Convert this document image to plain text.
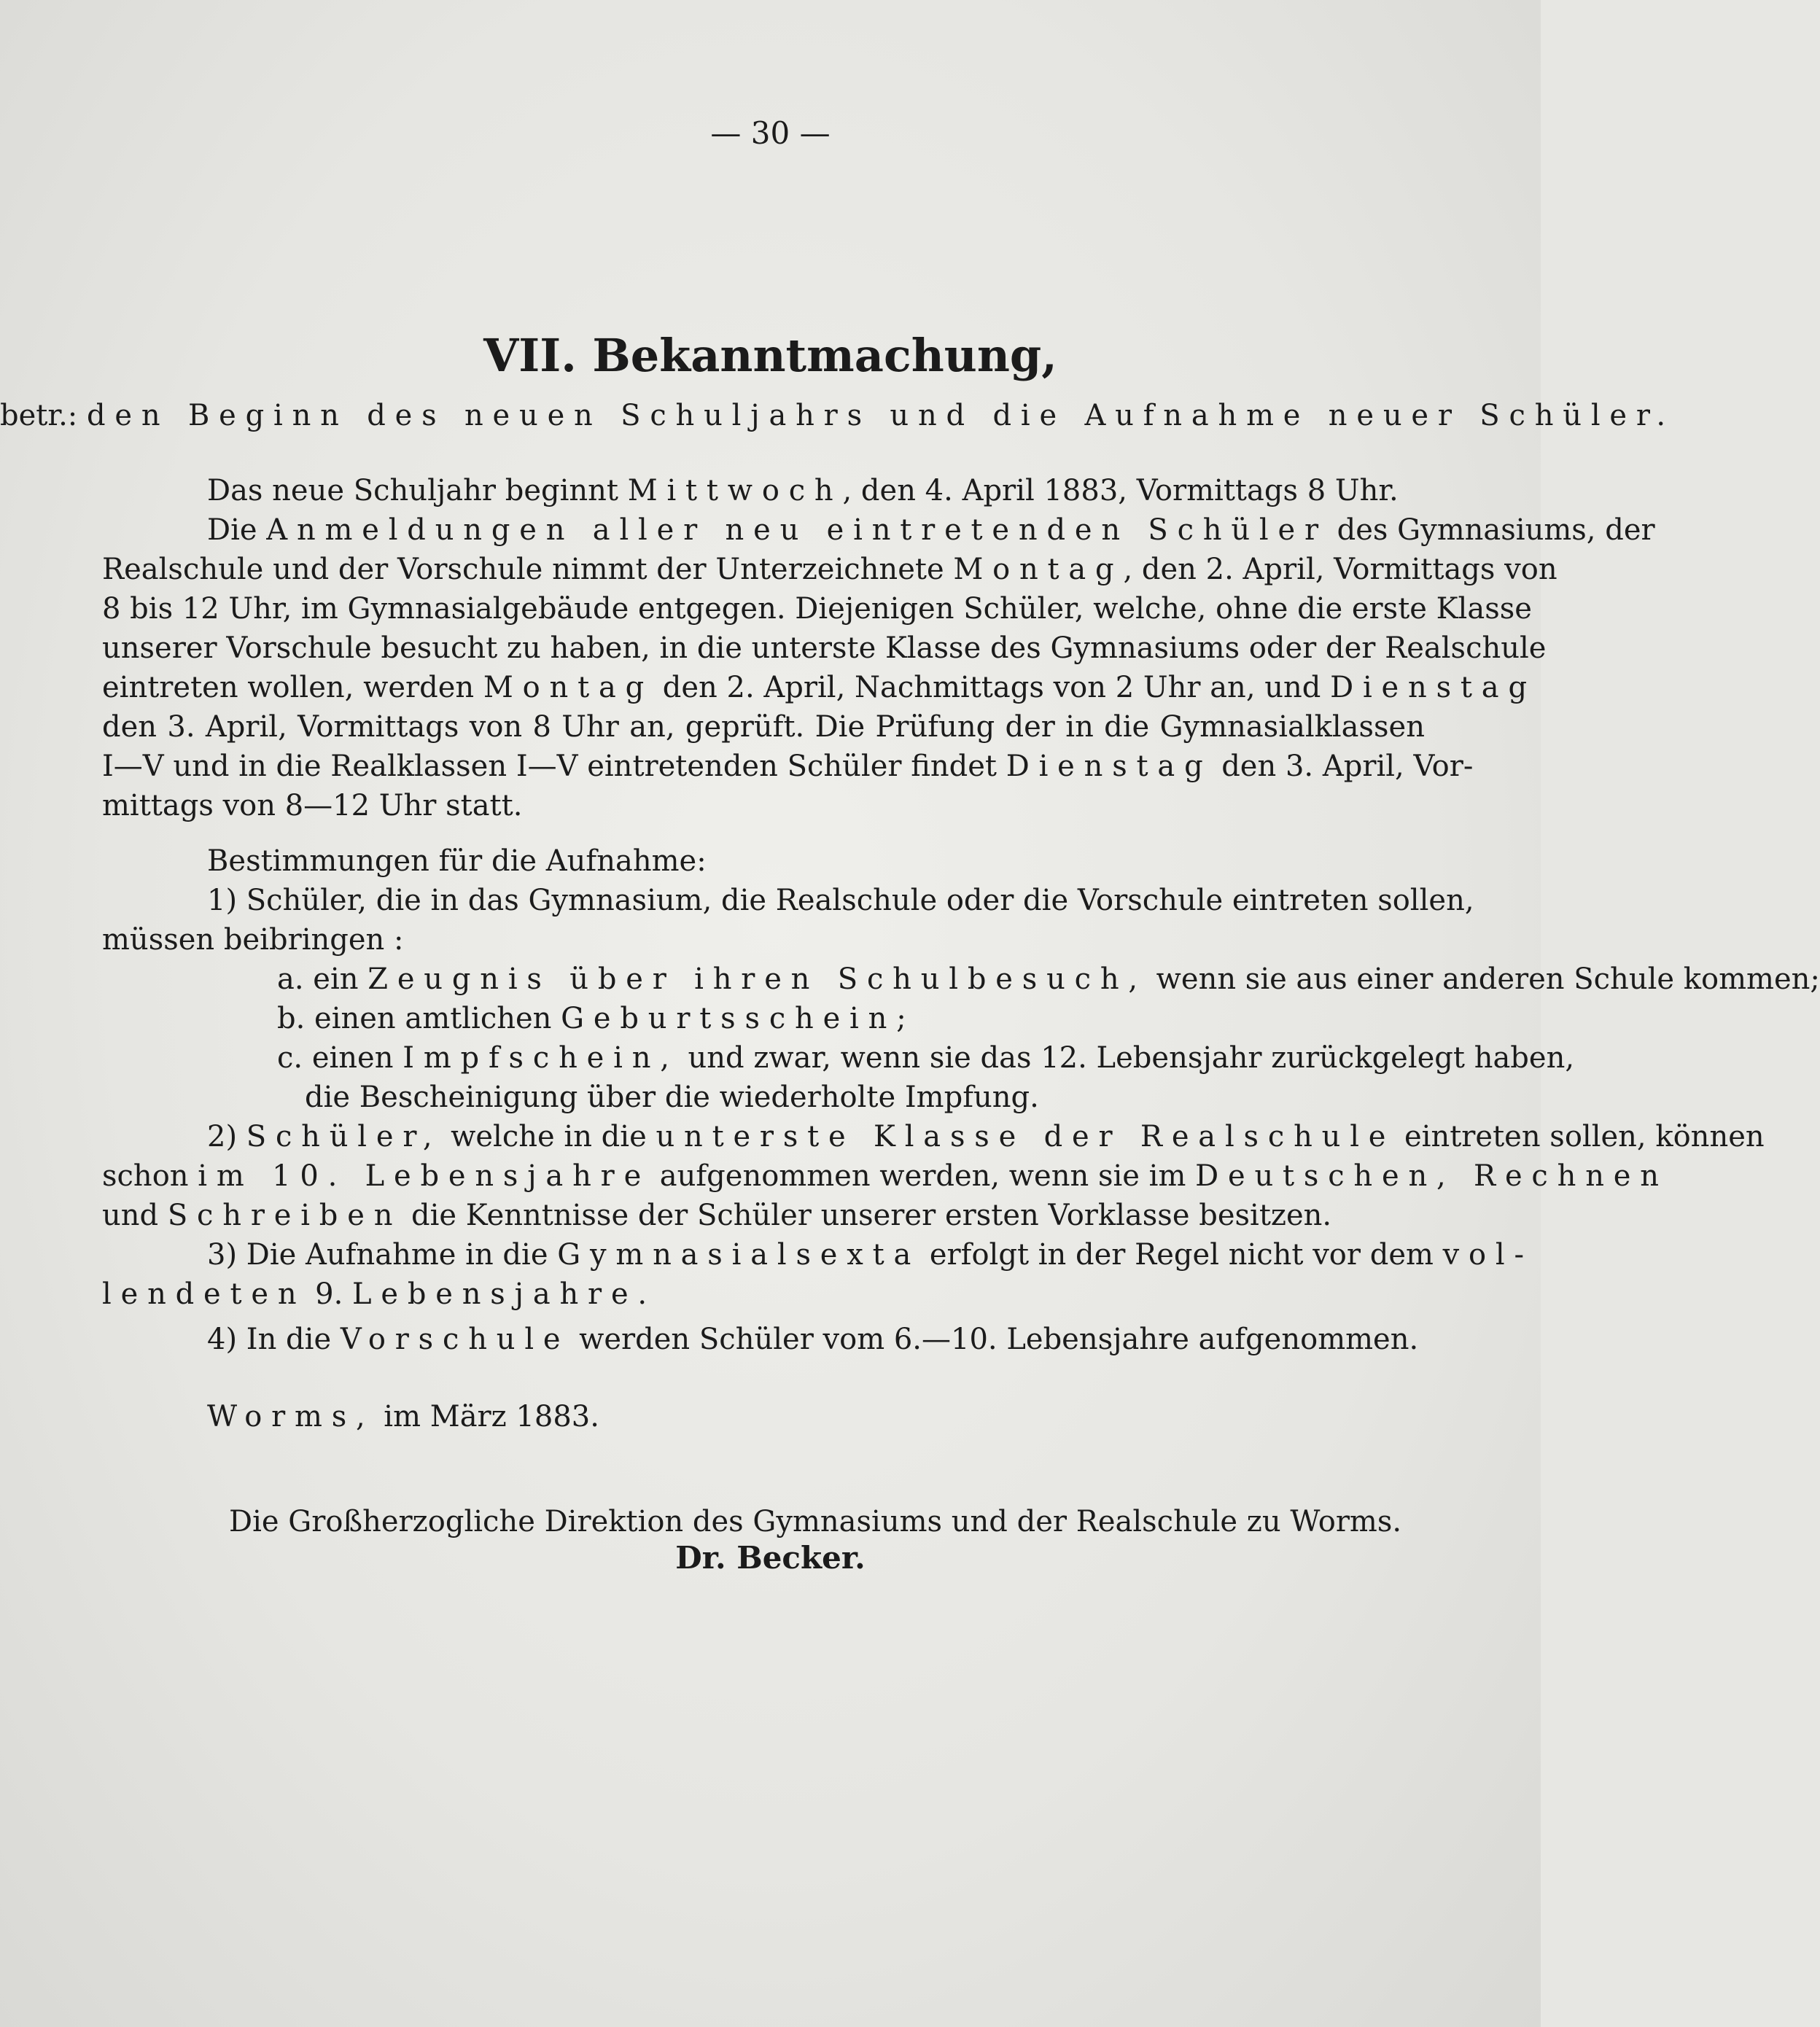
— 30 —
VII. Bekanntmachung,
betr.: den Beginn des neuen Schuljahrs und die Aufnahme neuer Schüler.
Das neue Schuljahr beginnt Mittwoch, den 4. April 1883, Vormittags 8 Uhr.
Die Anmeldungen aller neu eintretenden Schüler des Gymnasiums, der
Realschule und der Vorschule nimmt der Unterzeichnete Montag, den 2. April, Vormittags von
8 bis 12 Uhr, im Gymnasialgebäude entgegen. Diejenigen Schüler, welche, ohne die erste Klasse
unserer Vorschule besucht zu haben, in die unterste Klasse des Gymnasiums oder der Realschule
eintreten wollen, werden Montag den 2. April, Nachmittags von 2 Uhr an, und Dienstag
den 3. April, Vormittags von 8 Uhr an, geprüft. Die Prüfung der in die Gymnasialklassen
I—V und in die Realklassen I—V eintretenden Schüler findet Dienstag den 3. April, Vor-
mittags von 8—12 Uhr statt.
Bestimmungen für die Aufnahme:
1) Schüler, die in das Gymnasium, die Realschule oder die Vorschule eintreten sollen,
müssen beibringen :
a. ein Zeugnis über ihren Schulbesuch, wenn sie aus einer anderen Schule kommen;
b. einen amtlichen Geburtsschein;
c. einen Impfschein, und zwar, wenn sie das 12. Lebensjahr zurückgelegt haben,
die Bescheinigung über die wiederholte Impfung.
2) Schüler, welche in die unterste Klasse der Realschule eintreten sollen, können
schon im 10. Lebensjahre aufgenommen werden, wenn sie im Deutschen, Rechnen
und Schreiben die Kenntnisse der Schüler unserer ersten Vorklasse besitzen.
3) Die Aufnahme in die Gymnasialsexta erfolgt in der Regel nicht vor dem vol-
lendeten 9. Lebensjahre.
4) In die Vorschule werden Schüler vom 6.—10. Lebensjahre aufgenommen.
Worms, im März 1883.
Die Großherzogliche Direktion des Gymnasiums und der Realschule zu Worms.
Dr. Becker.
